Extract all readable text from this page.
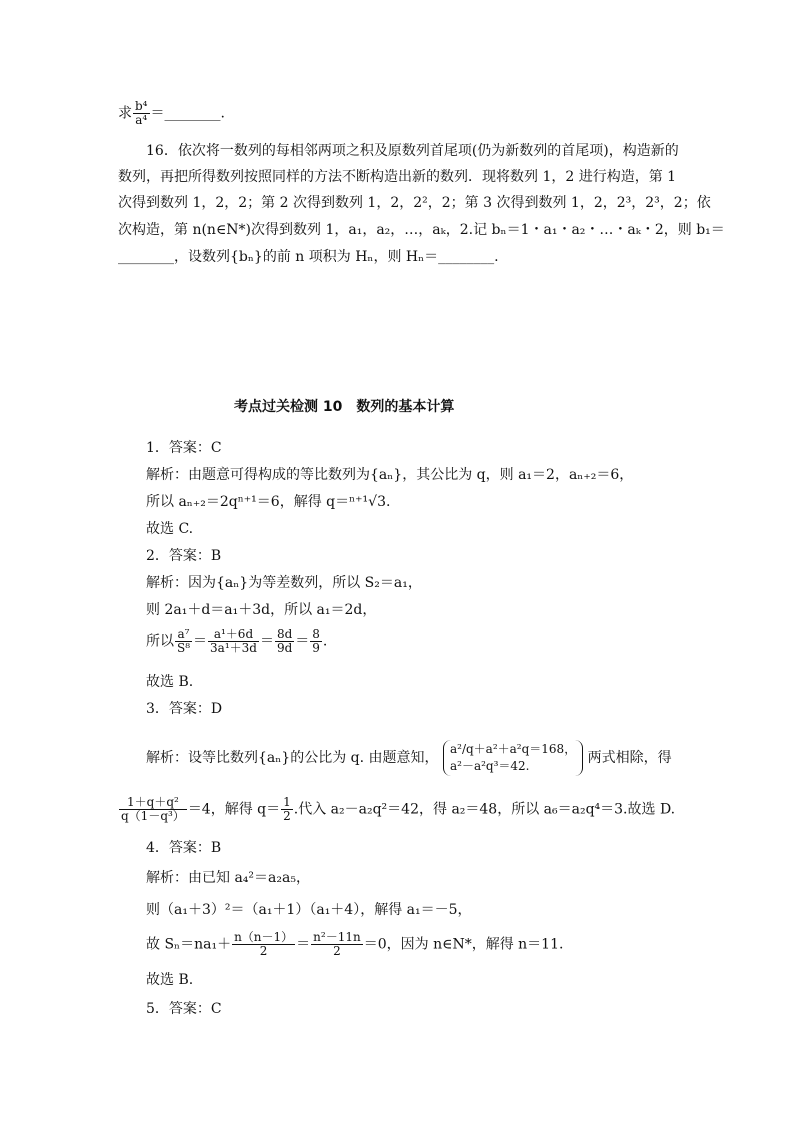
求 $\frac{\text{b⁴}}{\text{a⁴}}$ ＝________.
16．依次将一数列的每相邻两项之积及原数列首尾项(仍为新数列的首尾项)，构造新的
数列，再把所得数列按照同样的方法不断构造出新的数列．现将数列 1，2 进行构造，第 1
次得到数列 1，2，2；第 2 次得到数列 1，2，2²，2；第 3 次得到数列 1，2，2³，2³，2；依
次构造，第 n(n∈N*)次得到数列 1，a₁，a₂，…，aₖ，2.记 bₙ＝1・a₁・a₂・…・aₖ・2，则 b₁＝
________，设数列{bₙ}的前 n 项积为 Hₙ，则 Hₙ＝________.
考点过关检测 10　数列的基本计算
1．答案：C
解析：由题意可得构成的等比数列为{aₙ}，其公比为 q，则 a₁＝2，aₙ₊₂＝6，
所以 aₙ₊₂＝2qⁿ⁺¹＝6，解得 q＝ⁿ⁺¹√3.
故选 C.
2．答案：B
解析：因为{aₙ}为等差数列，所以 S₂＝a₁，
则 2a₁＋d＝a₁＋3d，所以 a₁＝2d，
所以 $\frac{\text{a⁷}}{\text{S⁸}} = \frac{\text{a¹＋6d}}{\text{3a¹＋3d}} = \frac{8d}{9d} = \frac{8}{9}$ .
故选 B.
3．答案：D
解析：设等比数列{aₙ}的公比为 q. 由题意知，
a²/q＋a²＋a²q＝168，
a²－a²q³＝42.	两式相除，得
$\frac{\text{1＋q＋q²}}{\text{q（1－q³）}} =4$，解得 $q= \frac{1}{2}$ .代入 a₂－a₂q²＝42，得 a₂＝48，所以 a₆＝a₂q⁴＝3.故选 D.
4．答案：B
解析：由已知 a₄²＝a₂a₅，
则（a₁＋3）²＝（a₁＋1）（a₁＋4），解得 a₁＝－5，
故 $S_n=na_1+ \frac{n(n-1)}{2} = \frac{\text{n²－11n}}{2} =0$，因为 n∈N*，解得 n＝11.
故选 B.
5．答案：C
